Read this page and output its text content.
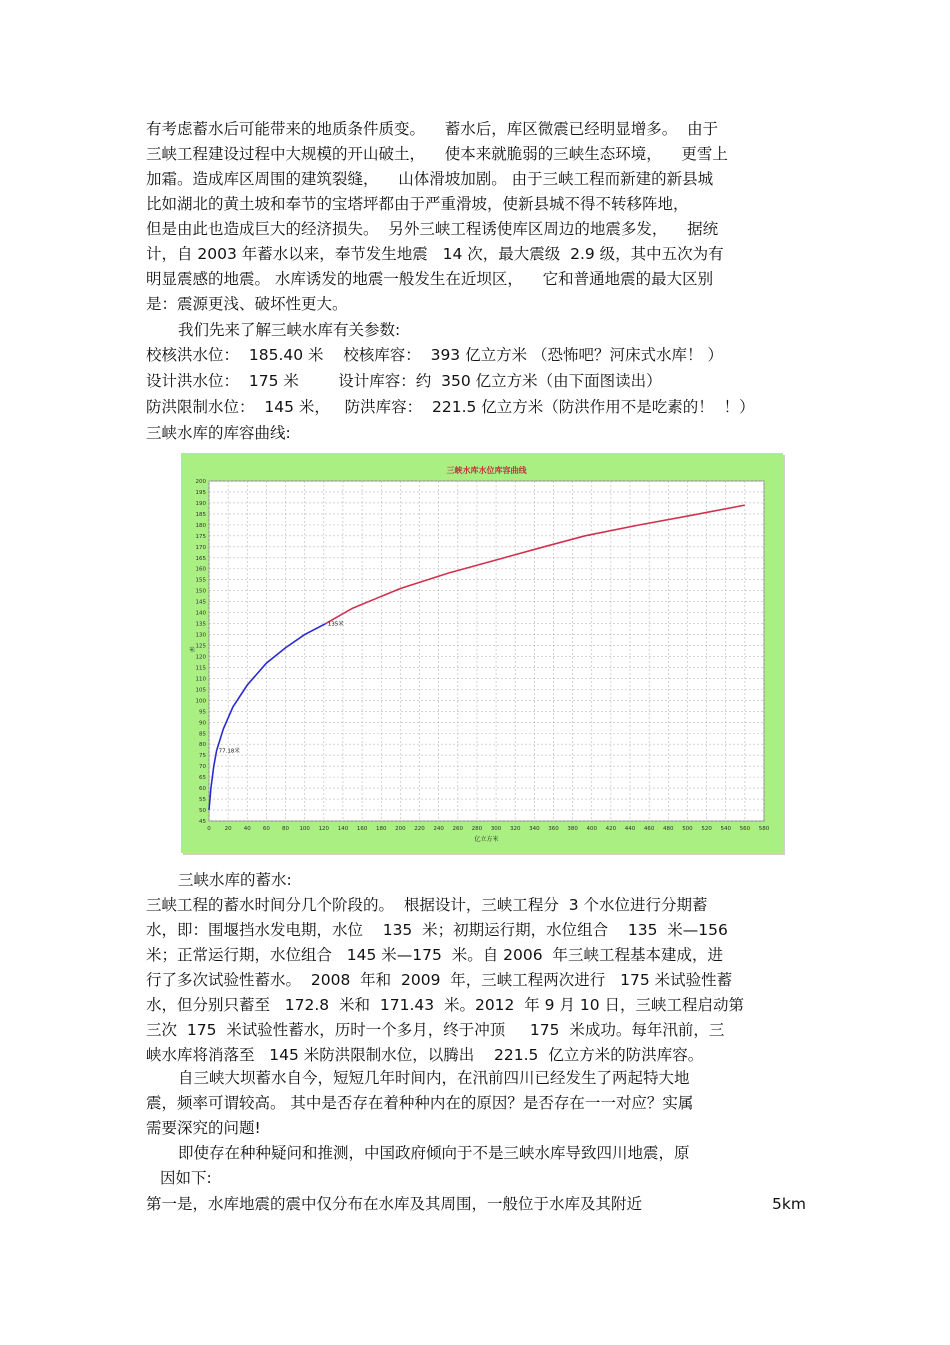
有考虑蓄水后可能带来的地质条件质变。    蓄水后，库区微震已经明显增多。  由于
三峡工程建设过程中大规模的开山破土，    使本来就脆弱的三峡生态环境，    更雪上
加霜。造成库区周围的建筑裂缝，    山体滑坡加剧。 由于三峡工程而新建的新县城
比如湖北的黄土坡和奉节的宝塔坪都由于严重滑坡，使新县城不得不转移阵地，
但是由此也造成巨大的经济损失。  另外三峡工程诱使库区周边的地震多发，    据统
计，自 2003 年蓄水以来，奉节发生地震   14 次，最大震级  2.9 级，其中五次为有
明显震感的地震。 水库诱发的地震一般发生在近坝区，    它和普通地震的最大区别
是：震源更浅、破坏性更大。
我们先来了解三峡水库有关参数:
校核洪水位：  185.40 米    校核库容：  393 亿立方米 （恐怖吧？河床式水库！ ）
设计洪水位：  175 米        设计库容：约  350 亿立方米（由下面图读出）
防洪限制水位：  145 米，   防洪库容：  221.5 亿立方米（防洪作用不是吃素的！  ！）
三峡水库的库容曲线:
45
50
55
60
65
70
75
80
85
90
95
100
105
110
115
120
125
130
135
140
145
150
155
160
165
170
175
180
185
190
195
200
0	20 40 60 80 100 120 140 160 180 200 220 240 260 280 300 320 340 360 380 400 420 440 460 480 500 520 540 560 580
三峡水库水位库容曲线
亿立方米
米
77.18米
135米
三峡水库的蓄水:
三峡工程的蓄水时间分几个阶段的。  根据设计，三峡工程分  3 个水位进行分期蓄
水，即：围堰挡水发电期，水位    135  米；初期运行期，水位组合    135  米—156
米；正常运行期，水位组合   145 米—175  米。自 2006  年三峡工程基本建成，进
行了多次试验性蓄水。  2008  年和  2009  年，三峡工程两次进行   175 米试验性蓄
水，但分别只蓄至   172.8  米和  171.43  米。2012  年 9 月 10 日，三峡工程启动第
三次  175  米试验性蓄水，历时一个多月，终于冲顶     175  米成功。每年汛前，三
峡水库将消落至   145 米防洪限制水位，以腾出    221.5  亿立方米的防洪库容。
自三峡大坝蓄水自今，短短几年时间内，在汛前四川已经发生了两起特大地
震，频率可谓较高。 其中是否存在着种种内在的原因？是否存在一一对应？实属
需要深究的问题!
即使存在种种疑问和推测，中国政府倾向于不是三峡水库导致四川地震，原
因如下:
第一是，水库地震的震中仅分布在水库及其周围，一般位于水库及其附近	5km
